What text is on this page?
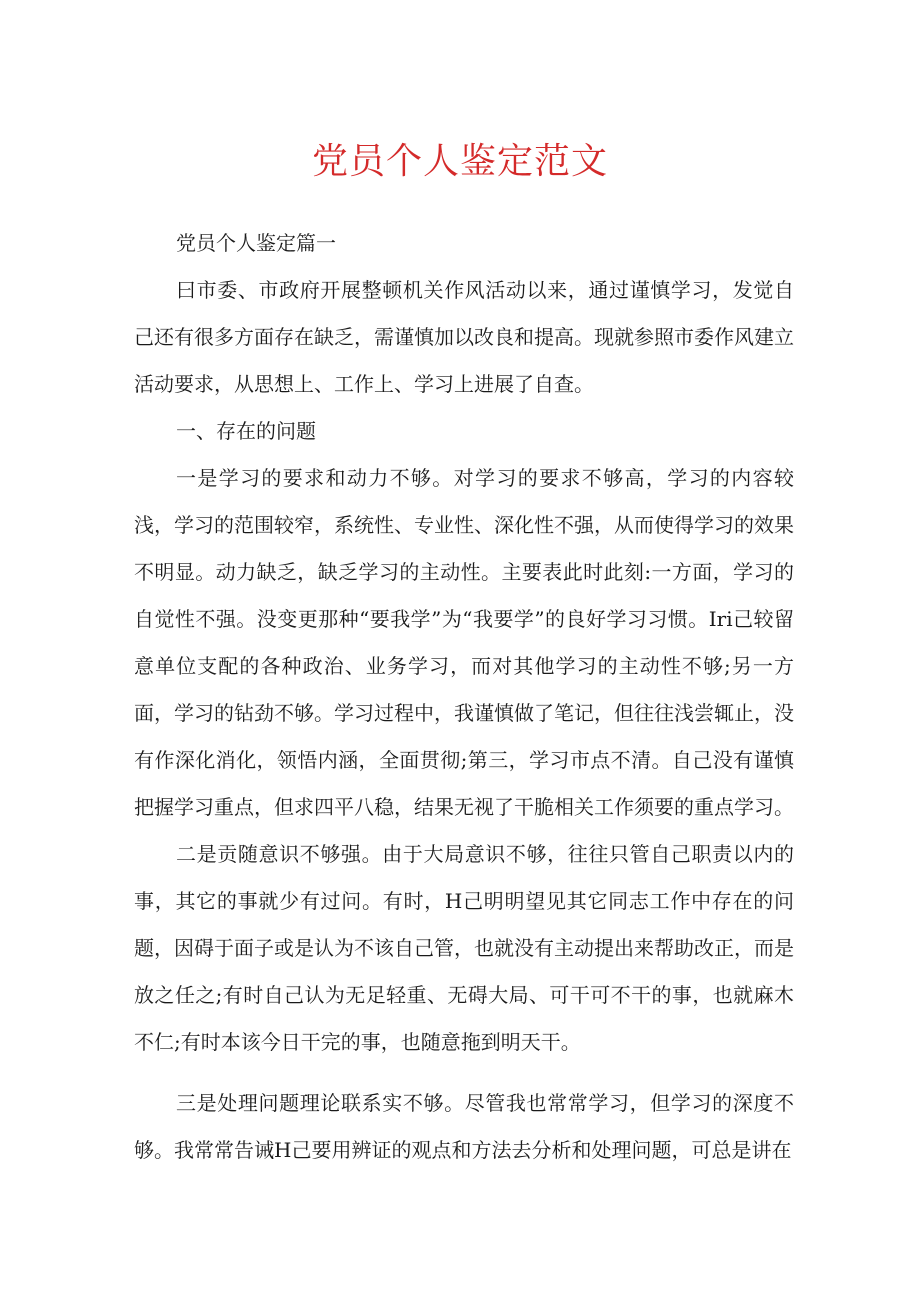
党员个人鉴定范文

党员个人鉴定篇一

曰市委、市政府开展整顿机关作风活动以来，通过谨慎学习，发觉自己还有很多方面存在缺乏，需谨慎加以改良和提高。现就参照市委作风建立活动要求，从思想上、工作上、学习上进展了自查。

一、存在的问题

一是学习的要求和动力不够。对学习的要求不够高，学习的内容较浅，学习的范围较窄，系统性、专业性、深化性不强，从而使得学习的效果不明显。动力缺乏，缺乏学习的主动性。主要表此时此刻:一方面，学习的自觉性不强。没变更那种“要我学”为“我要学”的良好学习习惯。Iri己较留意单位支配的各种政治、业务学习，而对其他学习的主动性不够;另一方面，学习的钻劲不够。学习过程中，我谨慎做了笔记，但往往浅尝辄止，没有作深化消化，领悟内涵，全面贯彻;第三，学习市点不清。自己没有谨慎把握学习重点，但求四平八稳，结果无视了干脆相关工作须要的重点学习。

二是贡随意识不够强。由于大局意识不够，往往只管自己职责以内的事，其它的事就少有过问。有时，H己明明望见其它同志工作中存在的问题，因碍于面子或是认为不该自己管，也就没有主动提出来帮助改正，而是放之任之;有时自己认为无足轻重、无碍大局、可干可不干的事，也就麻木不仁;有时本该今日干完的事，也随意拖到明天干。

三是处理问题理论联系实不够。尽管我也常常学习，但学习的深度不够。我常常告诫H己要用辨证的观点和方法去分析和处理问题，可总是讲在
